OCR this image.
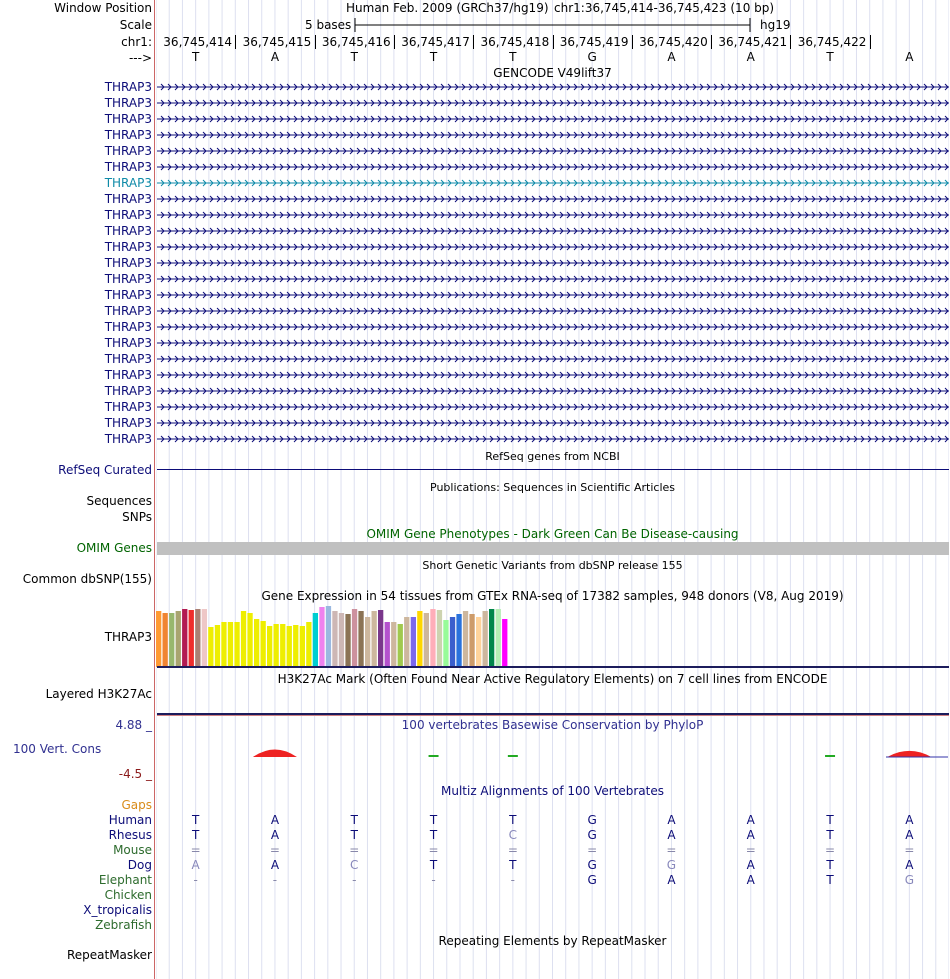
Window Position	Human Feb. 2009 (GRCh37/hg19) chr1:36,745,414-36,745,423 (10 bp)
Scale	5 bases	hg19
chr1: 36,745,414 36,745,415 36,745,416 36,745,417 36,745,418 36,745,419 36,745,420 36,745,421 36,745,422
--->	T	A	T	T	T	G	A	A	T	A
GENCODE V49lift37
THRAP3
THRAP3
THRAP3
THRAP3
THRAP3
THRAP3
THRAP3
THRAP3
THRAP3
THRAP3
THRAP3
THRAP3
THRAP3
THRAP3
THRAP3
THRAP3
THRAP3
THRAP3
THRAP3
THRAP3
THRAP3
THRAP3
THRAP3
RefSeq genes from NCBI
RefSeq Curated
Publications: Sequences in Scientific Articles
Sequences
SNPs
OMIM Gene Phenotypes - Dark Green Can Be Disease-causing
OMIM Genes
Short Genetic Variants from dbSNP release 155
Common dbSNP(155)
Gene Expression in 54 tissues from GTEx RNA-seq of 17382 samples, 948 donors (V8, Aug 2019)
THRAP3
H3K27Ac Mark (Often Found Near Active Regulatory Elements) on 7 cell lines from ENCODE
Layered H3K27Ac
100 vertebrates Basewise Conservation by PhyloP
4.88 _
100 Vert. Cons
-4.5 _
Multiz Alignments of 100 Vertebrates
Gaps
Human	T	A	T	T	T	G	A	A	T	A
Rhesus	T	A	T	T	C	G	A	A	T	A
Mouse	=	=	=	=	=	=	=	=	=	=
Dog	A	A	C	T	T	G	G	A	T	A
Elephant	-	-	-	-	-	G	A	A	T	G
Chicken
X_tropicalis
Zebrafish
Repeating Elements by RepeatMasker
RepeatMasker
